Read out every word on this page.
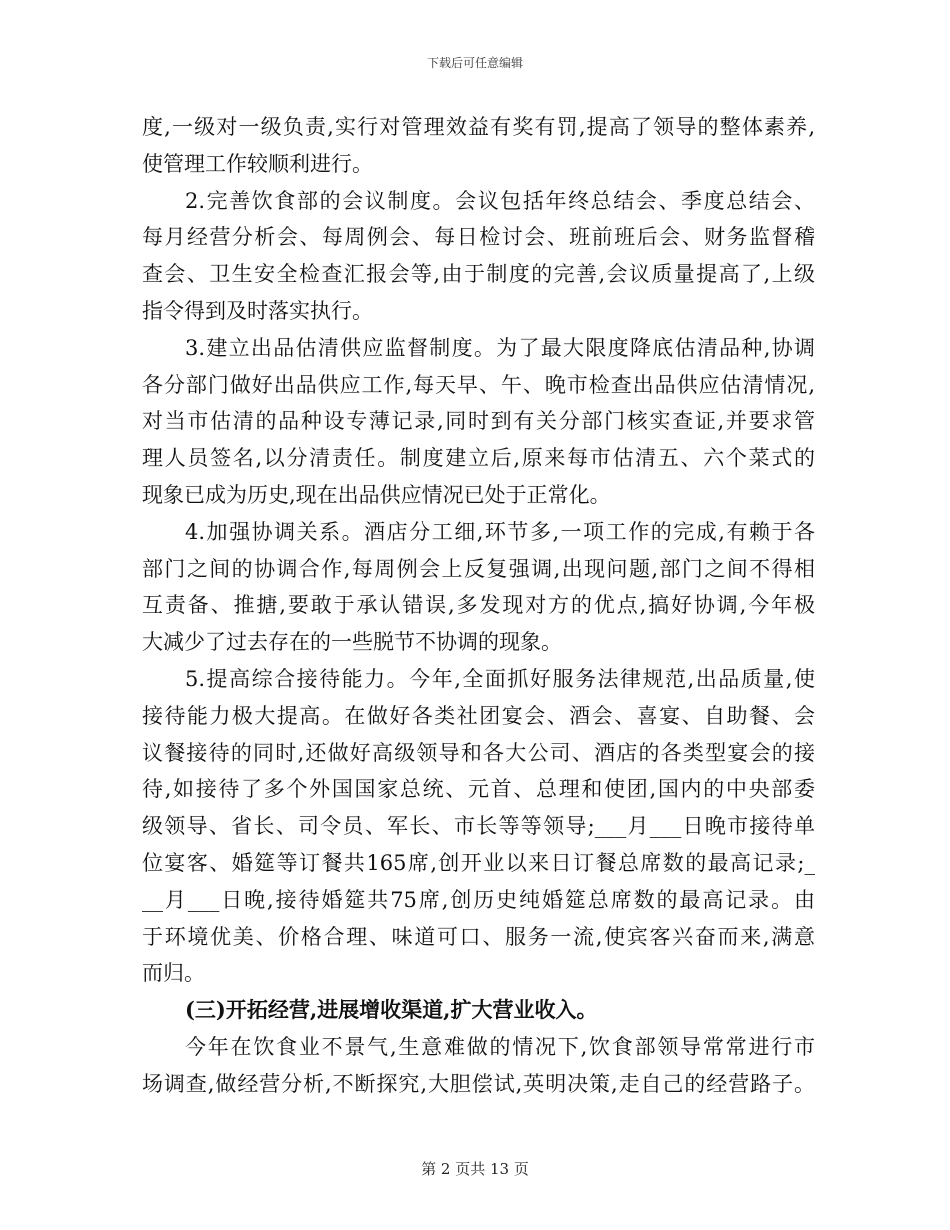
下载后可任意编辑
度,一级对一级负责,实行对管理效益有奖有罚,提高了领导的整体素养,
使管理工作较顺利进行。
2.完善饮食部的会议制度。会议包括年终总结会、季度总结会、
每月经营分析会、每周例会、每日检讨会、班前班后会、财务监督稽
查会、卫生安全检查汇报会等,由于制度的完善,会议质量提高了,上级
指令得到及时落实执行。
3.建立出品估清供应监督制度。为了最大限度降底估清品种,协调
各分部门做好出品供应工作,每天早、午、晚市检查出品供应估清情况,
对当市估清的品种设专薄记录,同时到有关分部门核实查证,并要求管
理人员签名,以分清责任。制度建立后,原来每市估清五、六个菜式的
现象已成为历史,现在出品供应情况已处于正常化。
4.加强协调关系。酒店分工细,环节多,一项工作的完成,有赖于各
部门之间的协调合作,每周例会上反复强调,出现问题,部门之间不得相
互责备、推搪,要敢于承认错误,多发现对方的优点,搞好协调,今年极
大减少了过去存在的一些脱节不协调的现象。
5.提高综合接待能力。今年,全面抓好服务法律规范,出品质量,使
接待能力极大提高。在做好各类社团宴会、酒会、喜宴、自助餐、会
议餐接待的同时,还做好高级领导和各大公司、酒店的各类型宴会的接
待,如接待了多个外国国家总统、元首、总理和使团,国内的中央部委
级领导、省长、司令员、军长、市长等等领导;___月___日晚市接待单
位宴客、婚筵等订餐共165席,创开业以来日订餐总席数的最高记录;_
__月___日晚,接待婚筵共75席,创历史纯婚筵总席数的最高记录。由
于环境优美、价格合理、味道可口、服务一流,使宾客兴奋而来,满意
而归。
(三)开拓经营,进展增收渠道,扩大营业收入。
今年在饮食业不景气,生意难做的情况下,饮食部领导常常进行市
场调查,做经营分析,不断探究,大胆偿试,英明决策,走自己的经营路子。
第 2 页共 13 页
